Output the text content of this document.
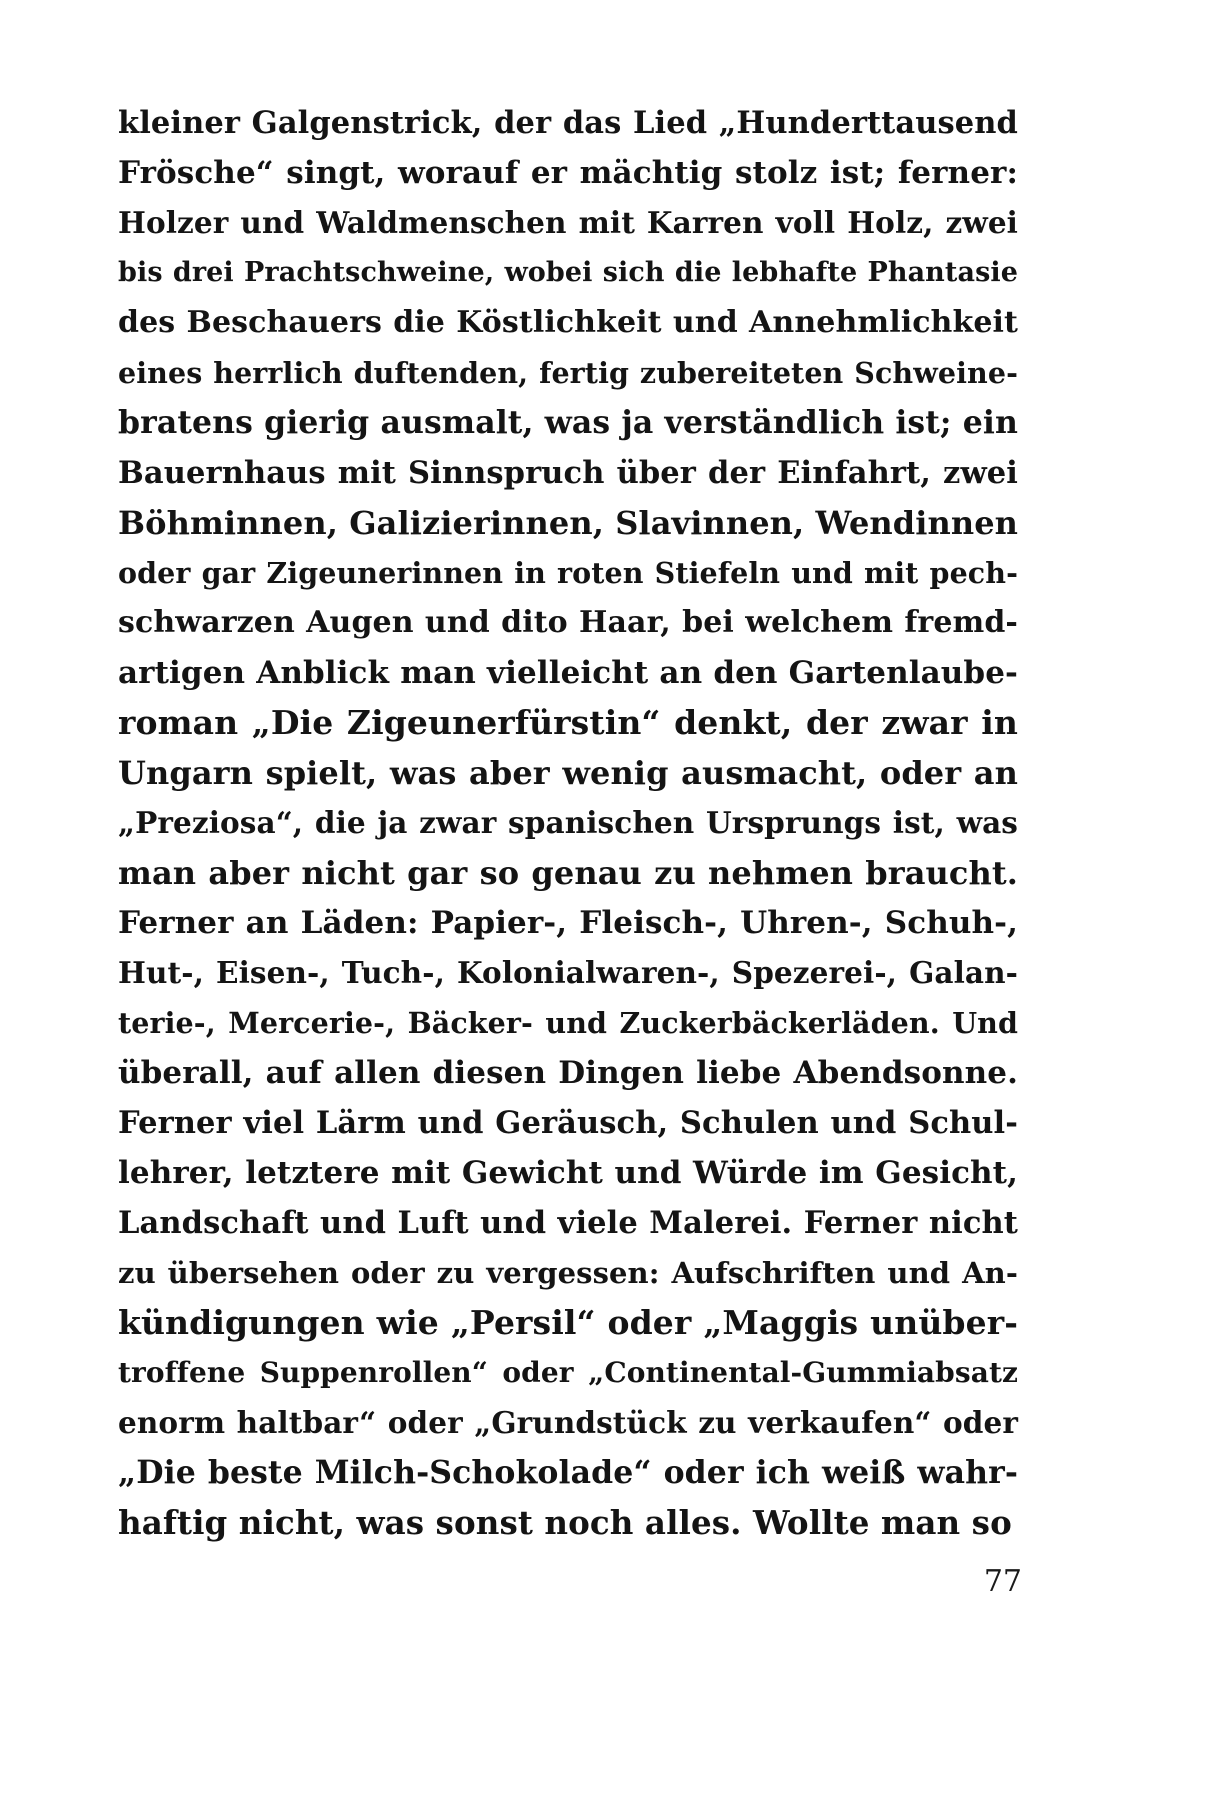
kleiner Galgenstrick, der das Lied „Hunderttausend
Frösche“ singt, worauf er mächtig stolz ist; ferner:
Holzer und Waldmenschen mit Karren voll Holz, zwei
bis drei Prachtschweine, wobei sich die lebhafte Phantasie
des Beschauers die Köstlichkeit und Annehmlichkeit
eines herrlich duftenden, fertig zubereiteten Schweine-
bratens gierig ausmalt, was ja verständlich ist; ein
Bauernhaus mit Sinnspruch über der Einfahrt, zwei
Böhminnen, Galizierinnen, Slavinnen, Wendinnen
oder gar Zigeunerinnen in roten Stiefeln und mit pech-
schwarzen Augen und dito Haar, bei welchem fremd-
artigen Anblick man vielleicht an den Gartenlaube-
roman „Die Zigeunerfürstin“ denkt, der zwar in
Ungarn spielt, was aber wenig ausmacht, oder an
„Preziosa“, die ja zwar spanischen Ursprungs ist, was
man aber nicht gar so genau zu nehmen braucht.
Ferner an Läden: Papier-, Fleisch-, Uhren-, Schuh-,
Hut-, Eisen-, Tuch-, Kolonialwaren-, Spezerei-, Galan-
terie-, Mercerie-, Bäcker- und Zuckerbäckerläden. Und
überall, auf allen diesen Dingen liebe Abendsonne.
Ferner viel Lärm und Geräusch, Schulen und Schul-
lehrer, letztere mit Gewicht und Würde im Gesicht,
Landschaft und Luft und viele Malerei. Ferner nicht
zu übersehen oder zu vergessen: Aufschriften und An-
kündigungen wie „Persil“ oder „Maggis unüber-
troffene Suppenrollen“ oder „Continental-Gummiabsatz
enorm haltbar“ oder „Grundstück zu verkaufen“ oder
„Die beste Milch-Schokolade“ oder ich weiß wahr-
haftig nicht, was sonst noch alles. Wollte man so
77
